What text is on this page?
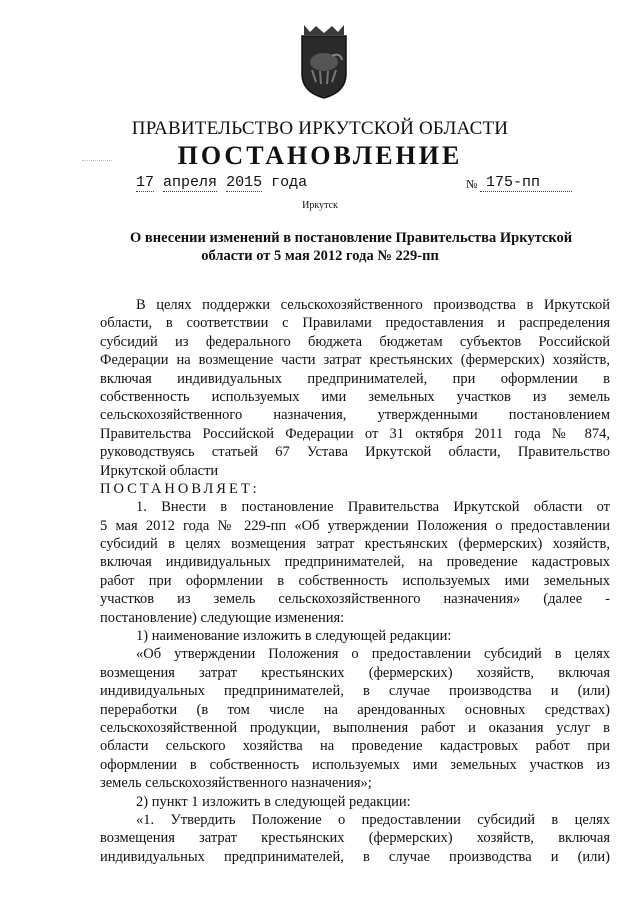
ПРАВИТЕЛЬСТВО ИРКУТСКОЙ ОБЛАСТИ
ПОСТАНОВЛЕНИЕ
17 апреля 2015 года	№ 175-пп
Иркутск
О внесении изменений в постановление Правительства Иркутской
области от 5 мая 2012 года № 229-пп
В целях поддержки сельскохозяйственного производства в Иркутской
области, в соответствии с Правилами предоставления и распределения
субсидий из федерального бюджета бюджетам субъектов Российской
Федерации на возмещение части затрат крестьянских (фермерских) хозяйств,
включая индивидуальных предпринимателей, при оформлении в
собственность используемых ими земельных участков из земель
сельскохозяйственного назначения, утвержденными постановлением
Правительства Российской Федерации от 31 октября 2011 года № 874,
руководствуясь статьей 67 Устава Иркутской области, Правительство
Иркутской области
ПОСТАНОВЛЯЕТ:
1. Внести в постановление Правительства Иркутской области от
5 мая 2012 года № 229-пп «Об утверждении Положения о предоставлении
субсидий в целях возмещения затрат крестьянских (фермерских) хозяйств,
включая индивидуальных предпринимателей, на проведение кадастровых
работ при оформлении в собственность используемых ими земельных
участков из земель сельскохозяйственного назначения» (далее -
постановление) следующие изменения:
1) наименование изложить в следующей редакции:
«Об утверждении Положения о предоставлении субсидий в целях
возмещения затрат крестьянских (фермерских) хозяйств, включая
индивидуальных предпринимателей, в случае производства и (или)
переработки (в том числе на арендованных основных средствах)
сельскохозяйственной продукции, выполнения работ и оказания услуг в
области сельского хозяйства на проведение кадастровых работ при
оформлении в собственность используемых ими земельных участков из
земель сельскохозяйственного назначения»;
2) пункт 1 изложить в следующей редакции:
«1. Утвердить Положение о предоставлении субсидий в целях
возмещения затрат крестьянских (фермерских) хозяйств, включая
индивидуальных предпринимателей, в случае производства и (или)
